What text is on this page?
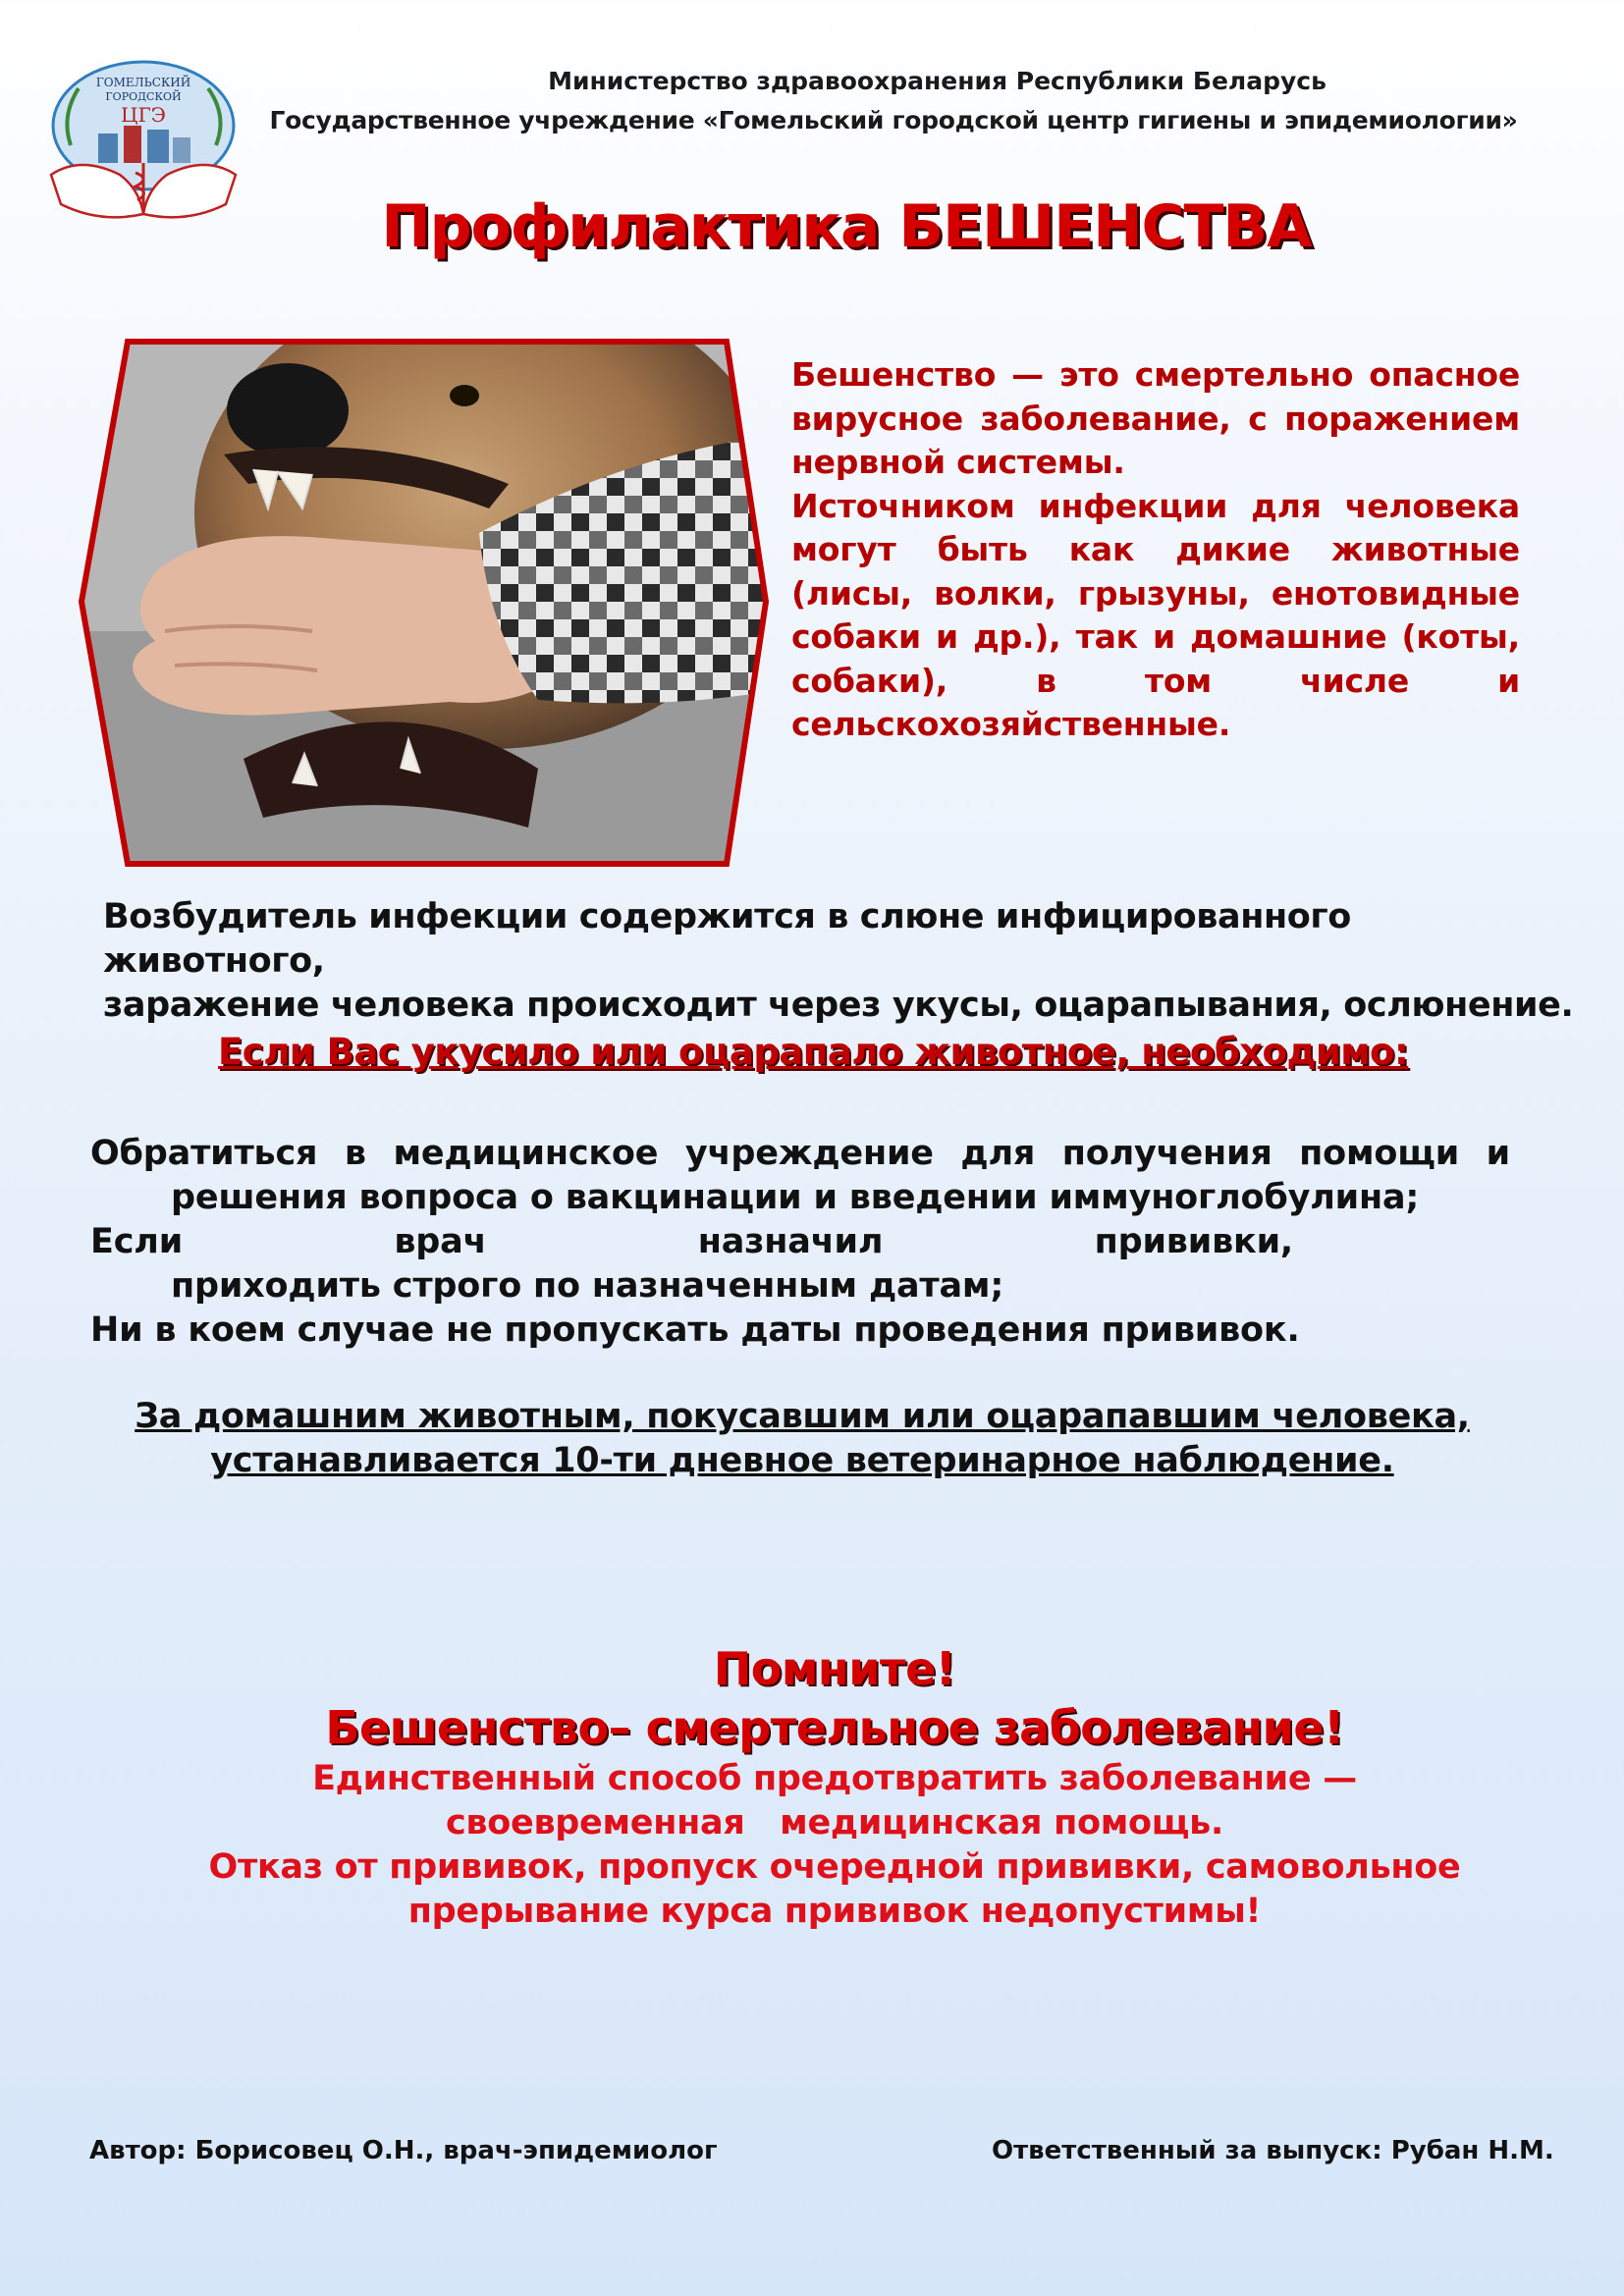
ГОМЕЛЬСКИЙ
ГОРОДСКОЙ
ЦГЭ
Министерство здравоохранения Республики Беларусь
Государственное учреждение «Гомельский городской центр гигиены и эпидемиологии»
Профилактика БЕШЕНСТВА

Бешенство — это смертельно опасное вирусное заболевание, с поражением нервной системы.

Источником инфекции для человека могут быть как дикие животные (лисы, волки, грызуны, енотовидные собаки и др.), так и домашние (коты, собаки), в том числе и сельскохозяйственные.

Возбудитель инфекции содержится в слюне инфицированного животного,

заражение человека происходит через укусы, оцарапывания, ослюнение.

Если Вас укусило или оцарапало животное, необходимо:
Обратиться в медицинское учреждение для получения помощи и
решения вопроса о вакцинации и введении иммуноглобулина;
Если	врач	назначил	прививки,
приходить строго по назначенным датам;
Ни в коем случае не пропускать даты проведения прививок.

За домашним животным, покусавшим или оцарапавшим человека,

устанавливается 10-ти дневное ветеринарное наблюдение.

Помните!
Бешенство– смертельное заболевание!
Единственный способ предотвратить заболевание —
своевременная   медицинская помощь.
Отказ от прививок, пропуск очередной прививки, самовольное
прерывание курса прививок недопустимы!
Автор: Борисовец О.Н., врач-эпидемиолог	Ответственный за выпуск: Рубан Н.М.
